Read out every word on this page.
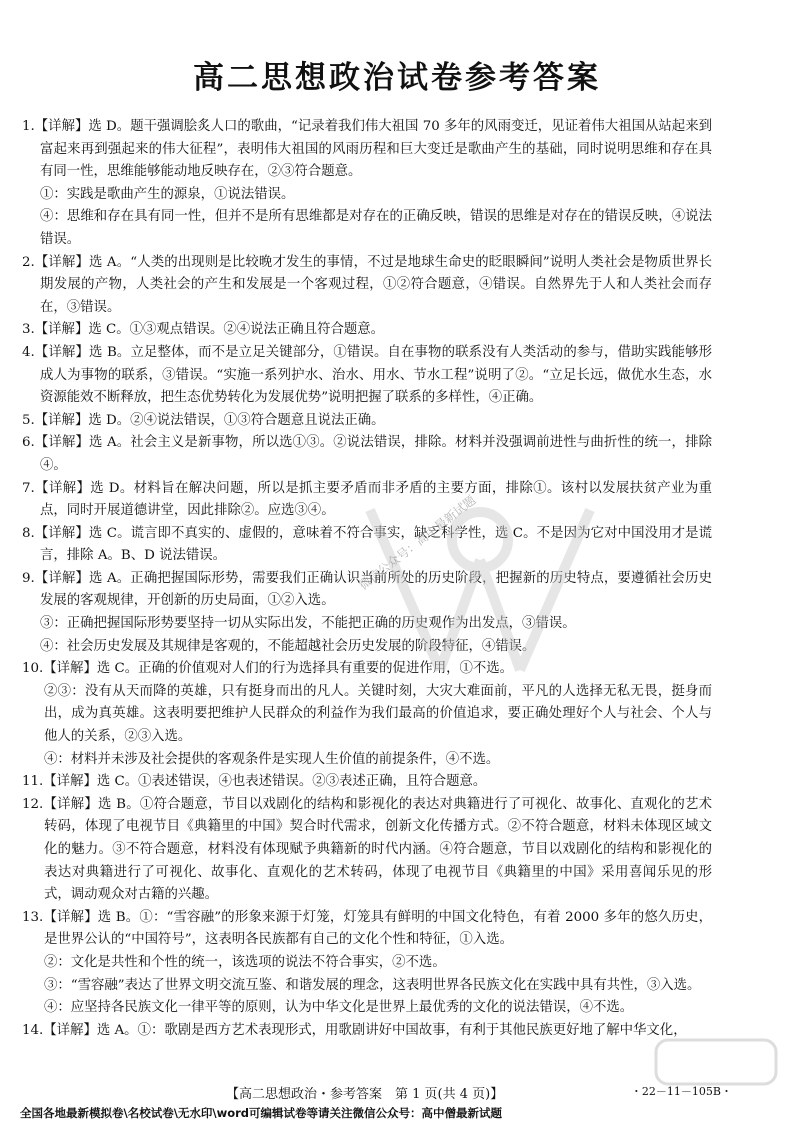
高二思想政治试卷参考答案

1.【详解】选 D。题干强调脍炙人口的歌曲，“记录着我们伟大祖国 70 多年的风雨变迁，见证着伟大祖国从站起来到富起来再到强起来的伟大征程”，表明伟大祖国的风雨历程和巨大变迁是歌曲产生的基础，同时说明思维和存在具有同一性，思维能够能动地反映存在，②③符合题意。

①：实践是歌曲产生的源泉，①说法错误。

④：思维和存在具有同一性，但并不是所有思维都是对存在的正确反映，错误的思维是对存在的错误反映，④说法错误。

2.【详解】选 A。“人类的出现则是比较晚才发生的事情，不过是地球生命史的眨眼瞬间”说明人类社会是物质世界长期发展的产物，人类社会的产生和发展是一个客观过程，①②符合题意，④错误。自然界先于人和人类社会而存在，③错误。

3.【详解】选 C。①③观点错误。②④说法正确且符合题意。

4.【详解】选 B。立足整体，而不是立足关键部分，①错误。自在事物的联系没有人类活动的参与，借助实践能够形成人为事物的联系，③错误。“实施一系列护水、治水、用水、节水工程”说明了②。“立足长远，做优水生态，水资源能效不断释放，把生态优势转化为发展优势”说明把握了联系的多样性，④正确。

5.【详解】选 D。②④说法错误，①③符合题意且说法正确。

6.【详解】选 A。社会主义是新事物，所以选①③。②说法错误，排除。材料并没强调前进性与曲折性的统一，排除④。

7.【详解】选 D。材料旨在解决问题，所以是抓主要矛盾而非矛盾的主要方面，排除①。该村以发展扶贫产业为重点，同时开展道德讲堂，因此排除②。应选③④。

8.【详解】选 C。谎言即不真实的、虚假的，意味着不符合事实，缺乏科学性，选 C。不是因为它对中国没用才是谎言，排除 A。B、D 说法错误。

9.【详解】选 A。正确把握国际形势，需要我们正确认识当前所处的历史阶段，把握新的历史特点，要遵循社会历史发展的客观规律，开创新的历史局面，①②入选。

③：正确把握国际形势要坚持一切从实际出发，不能把正确的历史观作为出发点，③错误。

④：社会历史发展及其规律是客观的，不能超越社会历史发展的阶段特征，④错误。

10.【详解】选 C。正确的价值观对人们的行为选择具有重要的促进作用，①不选。

②③：没有从天而降的英雄，只有挺身而出的凡人。关键时刻，大灾大难面前，平凡的人选择无私无畏，挺身而出，成为真英雄。这表明要把维护人民群众的利益作为我们最高的价值追求，要正确处理好个人与社会、个人与他人的关系，②③入选。

④：材料并未涉及社会提供的客观条件是实现人生价值的前提条件，④不选。

11.【详解】选 C。①表述错误，④也表述错误。②③表述正确，且符合题意。

12.【详解】选 B。①符合题意，节目以戏剧化的结构和影视化的表达对典籍进行了可视化、故事化、直观化的艺术转码，体现了电视节目《典籍里的中国》契合时代需求，创新文化传播方式。②不符合题意，材料未体现区域文化的魅力。③不符合题意，材料没有体现赋予典籍新的时代内涵。④符合题意，节目以戏剧化的结构和影视化的表达对典籍进行了可视化、故事化、直观化的艺术转码，体现了电视节目《典籍里的中国》采用喜闻乐见的形式，调动观众对古籍的兴趣。

13.【详解】选 B。①：“雪容融”的形象来源于灯笼，灯笼具有鲜明的中国文化特色，有着 2000 多年的悠久历史，是世界公认的“中国符号”，这表明各民族都有自己的文化个性和特征，①入选。

②：文化是共性和个性的统一，该选项的说法不符合事实，②不选。

③：“雪容融”表达了世界文明交流互鉴、和谐发展的理念，这表明世界各民族文化在实践中具有共性，③入选。

④：应坚持各民族文化一律平等的原则，认为中华文化是世界上最优秀的文化的说法错误，④不选。

14.【详解】选 A。①：歌剧是西方艺术表现形式，用歌剧讲好中国故事，有利于其他民族更好地了解中华文化，

微信公众号：高中最新试题
【高二思想政治・参考答案　第 1 页(共 4 页)】	・22－11－105B・
全国各地最新模拟卷\名校试卷\无水印\word可编辑试卷等请关注微信公众号：高中僧最新试题
